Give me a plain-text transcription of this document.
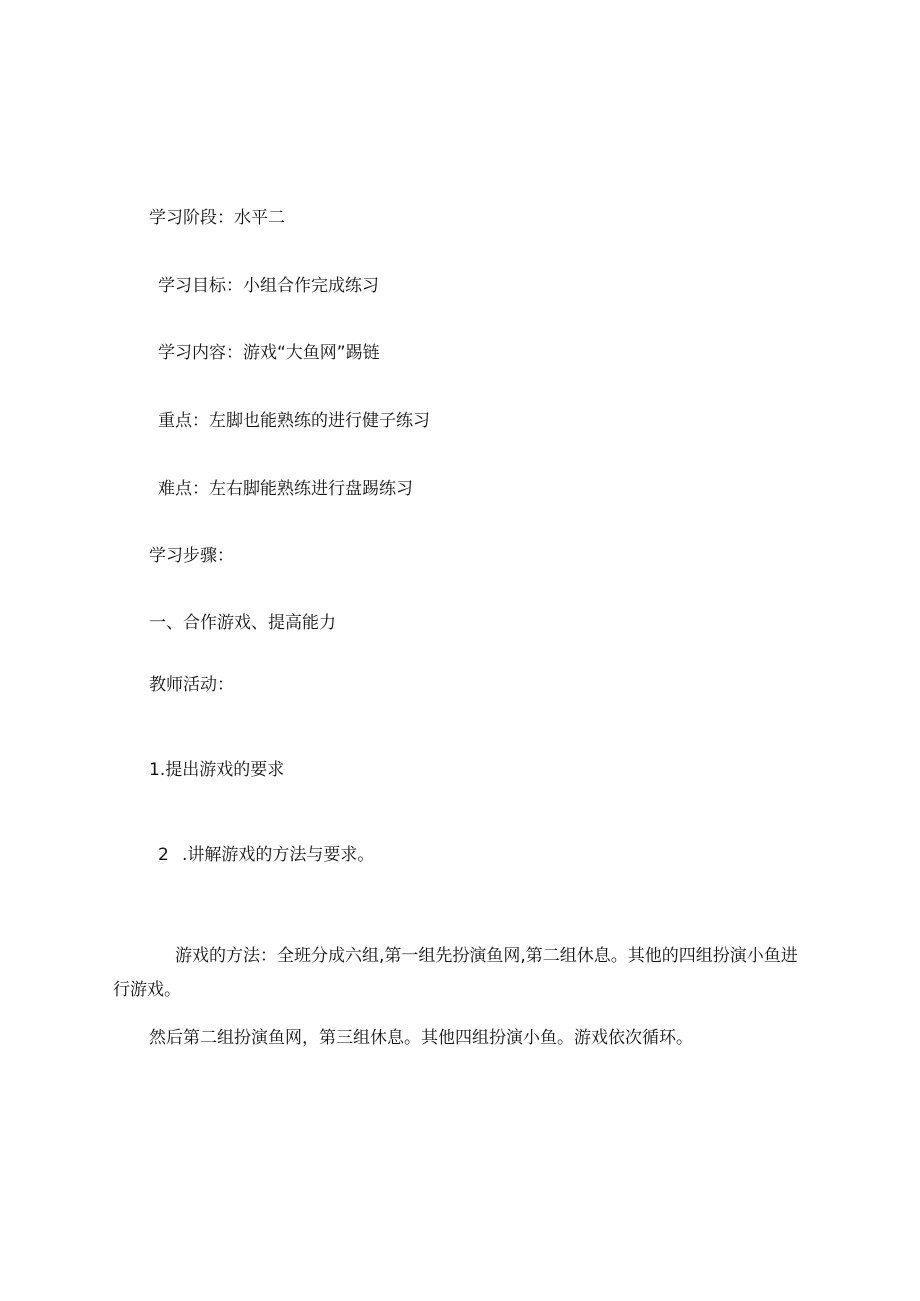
学习阶段：水平二
学习目标：小组合作完成练习
学习内容：游戏“大鱼网”踢链
重点：左脚也能熟练的进行健子练习
难点：左右脚能熟练进行盘踢练习
学习步骤：
一、合作游戏、提高能力
教师活动：
1.提出游戏的要求
2 .讲解游戏的方法与要求。

游戏的方法：全班分成六组,第一组先扮演鱼网,第二组休息。其他的四组扮演小鱼进行游戏。

然后第二组扮演鱼网，第三组休息。其他四组扮演小鱼。游戏依次循环。
